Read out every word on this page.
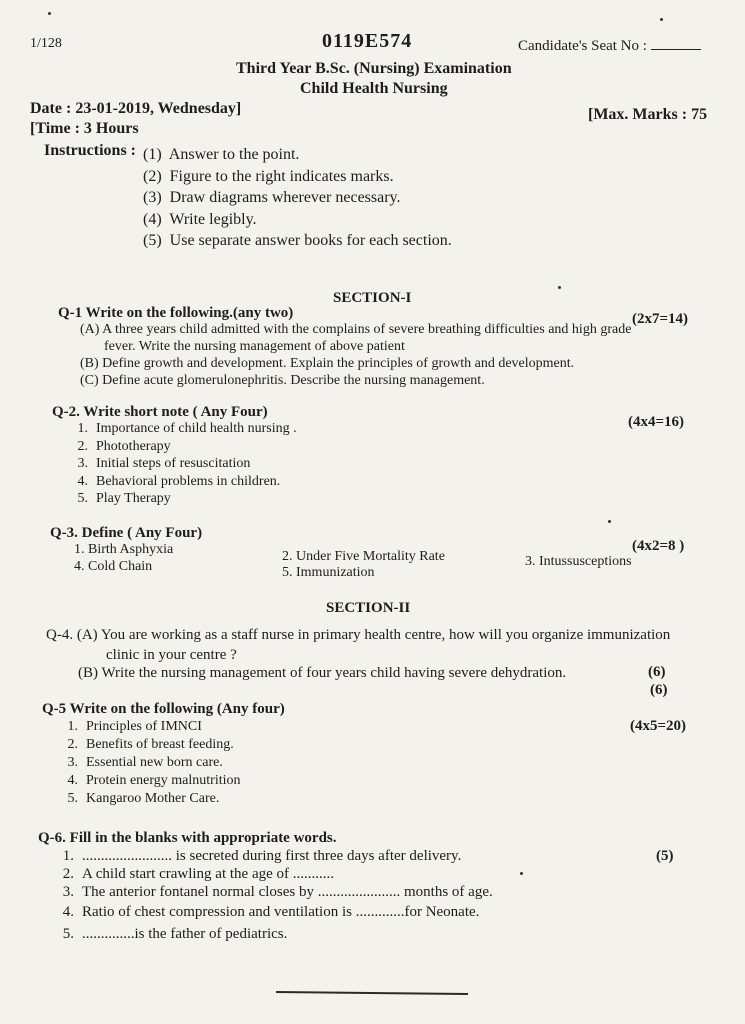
1/128	0119E574	Candidate's Seat No :
Third Year B.Sc. (Nursing) Examination
Child Health Nursing
Date : 23-01-2019, Wednesday]
[Time : 3 Hours
[Max. Marks : 75
Instructions : (1) Answer to the point.
(2) Figure to the right indicates marks.
(3) Draw diagrams wherever necessary.
(4) Write legibly.
(5) Use separate answer books for each section.
SECTION-I
Q-1 Write on the following.(any two)	(2x7=14)
(A) A three years child admitted with the complains of severe breathing difficulties and high grade
fever. Write the nursing management of above patient
(B) Define growth and development. Explain the principles of growth and development.
(C) Define acute glomerulonephritis. Describe the nursing management.
Q-2. Write short note ( Any Four)
(4x4=16)
1. Importance of child health nursing .
2. Phototherapy
3. Initial steps of resuscitation
4. Behavioral problems in children.
5. Play Therapy
Q-3. Define ( Any Four)
(4x2=8 )
1. Birth Asphyxia	2. Under Five Mortality Rate	3. Intussusceptions
4. Cold Chain	5. Immunization
SECTION-II
Q-4. (A) You are working as a staff nurse in primary health centre, how will you organize immunization
clinic in your centre ?
(6)
(B) Write the nursing management of four years child having severe dehydration.
(6)
Q-5 Write on the following (Any four)
(4x5=20)
1. Principles of IMNCI
2. Benefits of breast feeding.
3. Essential new born care.
4. Protein energy malnutrition
5. Kangaroo Mother Care.
Q-6. Fill in the blanks with appropriate words.
(5)
1. ........................ is secreted during first three days after delivery.
2. A child start crawling at the age of ...........
3. The anterior fontanel normal closes by ...................... months of age.
4. Ratio of chest compression and ventilation is .............for Neonate.
5. ..............is the father of pediatrics.
